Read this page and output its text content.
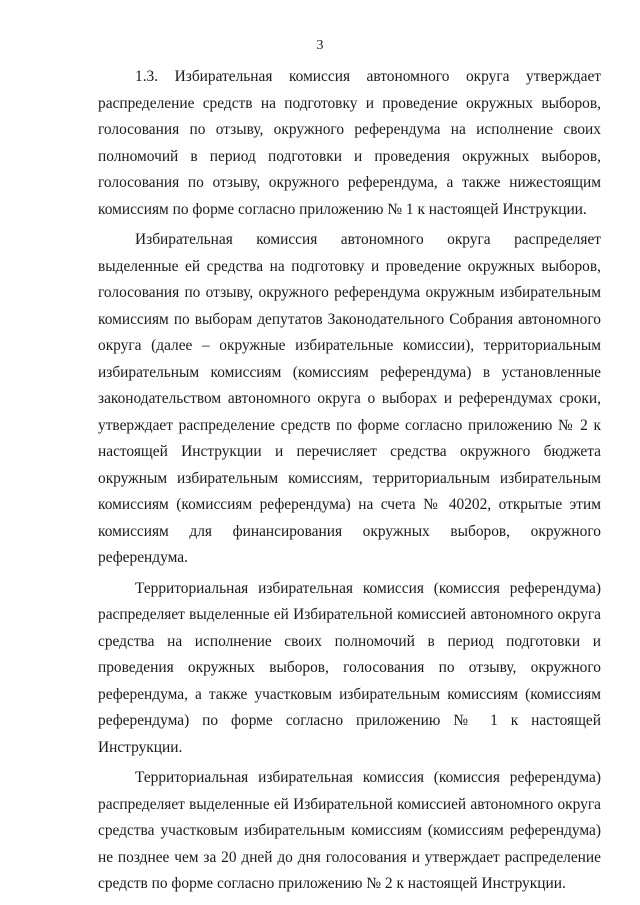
3

1.3. Избирательная комиссия автономного округа утверждает распределение средств на подготовку и проведение окружных выборов, голосования по отзыву, окружного референдума на исполнение своих полномочий в период подготовки и проведения окружных выборов, голосования по отзыву, окружного референдума, а также нижестоящим комиссиям по форме согласно приложению № 1 к настоящей Инструкции.

Избирательная комиссия автономного округа распределяет выделенные ей средства на подготовку и проведение окружных выборов, голосования по отзыву, окружного референдума окружным избирательным комиссиям по выборам депутатов Законодательного Собрания автономного округа (далее – окружные избирательные комиссии), территориальным избирательным комиссиям (комиссиям референдума) в установленные законодательством автономного округа о выборах и референдумах сроки, утверждает распределение средств по форме согласно приложению № 2 к настоящей Инструкции и перечисляет средства окружного бюджета окружным избирательным комиссиям, территориальным избирательным комиссиям (комиссиям референдума) на счета № 40202, открытые этим комиссиям для финансирования окружных выборов, окружного референдума.

Территориальная избирательная комиссия (комиссия референдума) распределяет выделенные ей Избирательной комиссией автономного округа средства на исполнение своих полномочий в период подготовки и проведения окружных выборов, голосования по отзыву, окружного референдума, а также участковым избирательным комиссиям (комиссиям референдума) по форме согласно приложению № 1 к настоящей Инструкции.

Территориальная избирательная комиссия (комиссия референдума) распределяет выделенные ей Избирательной комиссией автономного округа средства участковым избирательным комиссиям (комиссиям референдума) не позднее чем за 20 дней до дня голосования и утверждает распределение средств по форме согласно приложению № 2 к настоящей Инструкции.
